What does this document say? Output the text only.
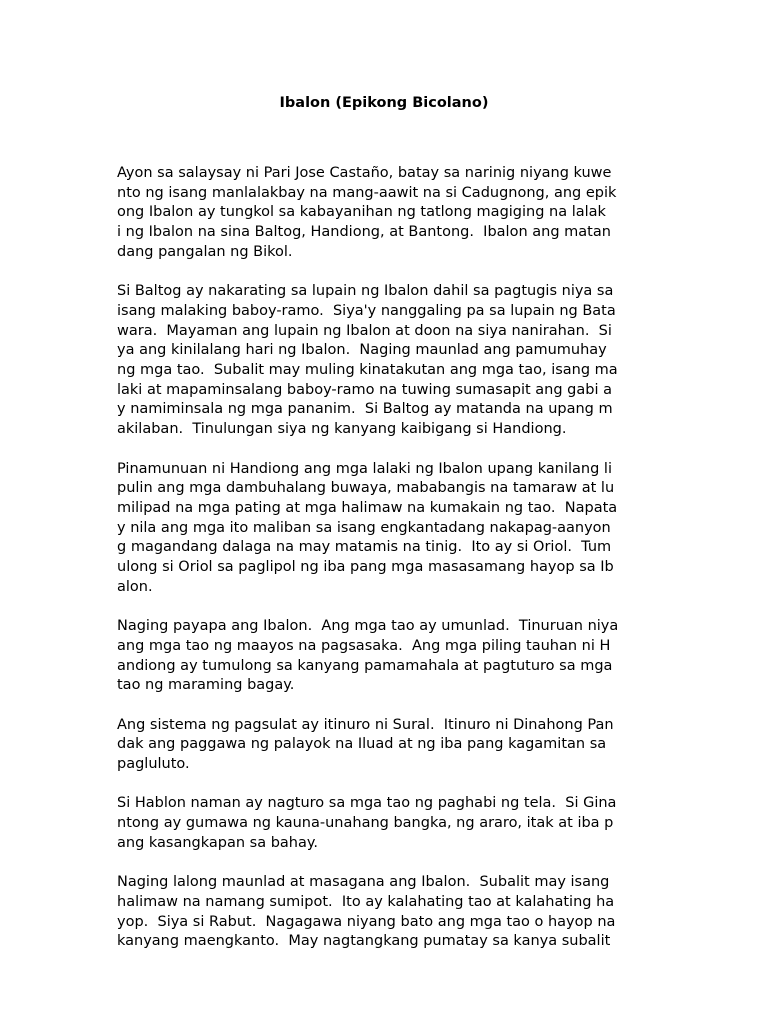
Ibalon (Epikong Bicolano)

Ayon sa salaysay ni Pari Jose Castaño, batay sa narinig niyang kuwe
nto ng isang manlalakbay na mang-aawit na si Cadugnong, ang epik
ong Ibalon ay tungkol sa kabayanihan ng tatlong magiging na lalak
i ng Ibalon na sina Baltog, Handiong, at Bantong.  Ibalon ang matan
dang pangalan ng Bikol.

Si Baltog ay nakarating sa lupain ng Ibalon dahil sa pagtugis niya sa
isang malaking baboy-ramo.  Siya'y nanggaling pa sa lupain ng Bata
wara.  Mayaman ang lupain ng Ibalon at doon na siya nanirahan.  Si
ya ang kinilalang hari ng Ibalon.  Naging maunlad ang pamumuhay
ng mga tao.  Subalit may muling kinatakutan ang mga tao, isang ma
laki at mapaminsalang baboy-ramo na tuwing sumasapit ang gabi a
y namiminsala ng mga pananim.  Si Baltog ay matanda na upang m
akilaban.  Tinulungan siya ng kanyang kaibigang si Handiong.

Pinamunuan ni Handiong ang mga lalaki ng Ibalon upang kanilang li
pulin ang mga dambuhalang buwaya, mababangis na tamaraw at lu
milipad na mga pating at mga halimaw na kumakain ng tao.  Napata
y nila ang mga ito maliban sa isang engkantadang nakapag-aanyon
g magandang dalaga na may matamis na tinig.  Ito ay si Oriol.  Tum
ulong si Oriol sa paglipol ng iba pang mga masasamang hayop sa Ib
alon.

Naging payapa ang Ibalon.  Ang mga tao ay umunlad.  Tinuruan niya
ang mga tao ng maayos na pagsasaka.  Ang mga piling tauhan ni H
andiong ay tumulong sa kanyang pamamahala at pagtuturo sa mga
tao ng maraming bagay.

Ang sistema ng pagsulat ay itinuro ni Sural.  Itinuro ni Dinahong Pan
dak ang paggawa ng palayok na Iluad at ng iba pang kagamitan sa
pagluluto.

Si Hablon naman ay nagturo sa mga tao ng paghabi ng tela.  Si Gina
ntong ay gumawa ng kauna-unahang bangka, ng araro, itak at iba p
ang kasangkapan sa bahay.

Naging lalong maunlad at masagana ang Ibalon.  Subalit may isang
halimaw na namang sumipot.  Ito ay kalahating tao at kalahating ha
yop.  Siya si Rabut.  Nagagawa niyang bato ang mga tao o hayop na
kanyang maengkanto.  May nagtangkang pumatay sa kanya subalit
